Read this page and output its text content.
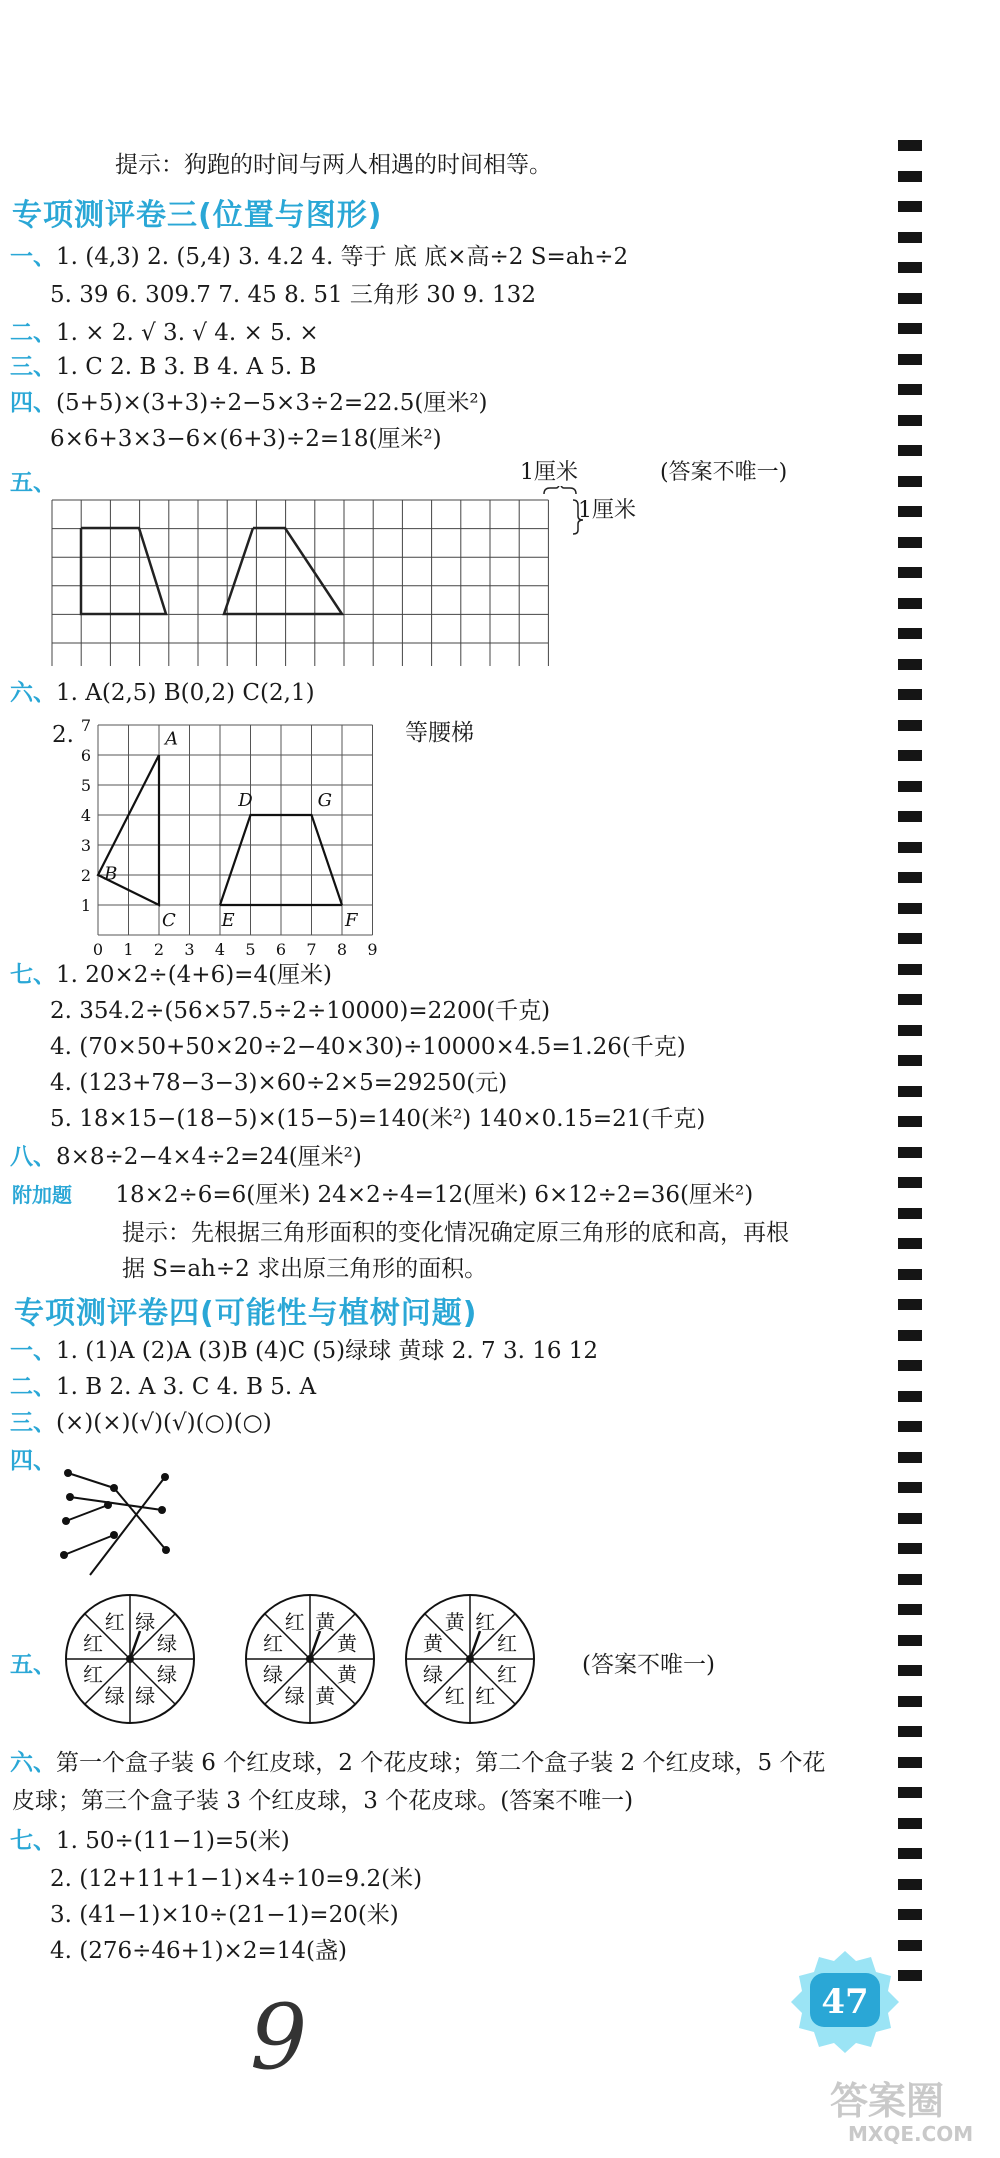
提示：狗跑的时间与两人相遇的时间相等。
专项测评卷三(位置与图形)
一、1. (4,3) 2. (5,4) 3. 4.2 4. 等于 底 底×高÷2 S=ah÷2
5. 39 6. 309.7 7. 45 8. 51 三角形 30 9. 132
二、1. × 2. √ 3. √ 4. × 5. ×
三、1. C 2. B 3. B 4. A 5. B
四、(5+5)×(3+3)÷2−5×3÷2=22.5(厘米²)
6×6+3×3−6×(6+3)÷2=18(厘米²)
五、	1厘米	(答案不唯一)
1厘米
六、1. A(2,5) B(0,2) C(2,1)
2.	等腰梯
0 1 2 3 4 5 6 7 8 9
1
2
3
4
5
6
7
A
B
C
D
E	F
G
七、1. 20×2÷(4+6)=4(厘米)
2. 354.2÷(56×57.5÷2÷10000)=2200(千克)
4. (70×50+50×20÷2−40×30)÷10000×4.5=1.26(千克)
4. (123+78−3−3)×60÷2×5=29250(元)
5. 18×15−(18−5)×(15−5)=140(米²) 140×0.15=21(千克)
八、8×8÷2−4×4÷2=24(厘米²)
附加题 18×2÷6=6(厘米) 24×2÷4=12(厘米) 6×12÷2=36(厘米²)
提示：先根据三角形面积的变化情况确定原三角形的底和高，再根
据 S=ah÷2 求出原三角形的面积。
专项测评卷四(可能性与植树问题)
一、1. (1)A (2)A (3)B (4)C (5)绿球 黄球 2. 7 3. 16 12
二、1. B 2. A 3. C 4. B 5. A
三、(×)(×)(√)(√)(○)(○)
四、
五、
绿
绿
绿
绿
绿
红
红
红	黄
黄
黄
黄
绿
绿
红
红	红
红
红
红
红
绿
黄
黄
(答案不唯一)
六、第一个盒子装 6 个红皮球，2 个花皮球；第二个盒子装 2 个红皮球，5 个花
皮球；第三个盒子装 3 个红皮球，3 个花皮球。(答案不唯一)
七、1. 50÷(11−1)=5(米)
2. (12+11+1−1)×4÷10=9.2(米)
3. (41−1)×10÷(21−1)=20(米)
4. (276÷46+1)×2=14(盏)
9	47
答案圈
MXQE.COM
